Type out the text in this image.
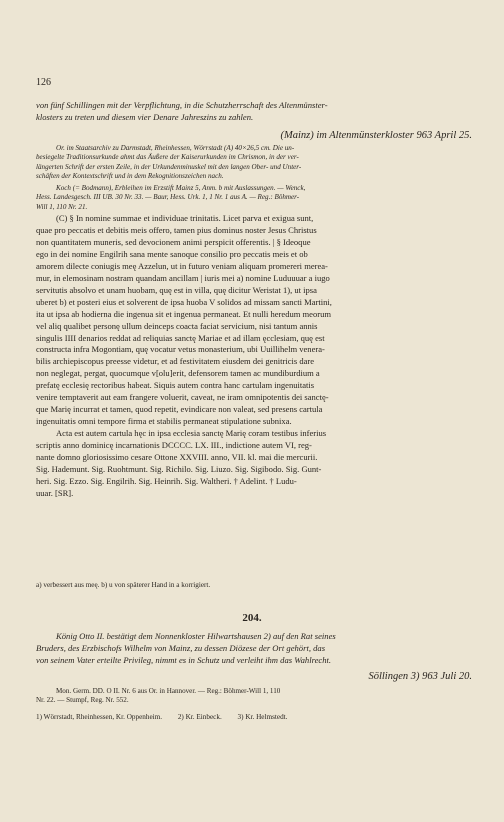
126
von fünf Schillingen mit der Verpflichtung, in die Schutzherrschaft des Altenmünster-
klosters zu treten und diesem vier Denare Jahreszins zu zahlen.
(Mainz) im Altenmünsterkloster 963 April 25.
Or. im Staatsarchiv zu Darmstadt, Rheinhessen, Wörrstadt (A) 40×26,5 cm. Die un-
besiegelte Traditionsurkunde ahmt das Äußere der Kaiserurkunden im Chrismon, in der ver-
längerten Schrift der ersten Zeile, in der Urkundenminuskel mit den langen Ober- und Unter-
schäften der Kontextschrift und in dem Rekognitionszeichen nach.
Koch (= Bodmann), Erbleihen im Erzstift Mainz 5, Anm. b mit Auslassungen. — Wenck,
Hess. Landesgesch. III UB. 30 Nr. 33. — Baur, Hess. Urk. 1, 1 Nr. 1 aus A. — Reg.: Böhmer-
Will 1, 110 Nr. 21.
(C) § In nomine summae et individuae trinitatis. Licet parva et exigua sunt,
quae pro peccatis et debitis meis offero, tamen pius dominus noster Jesus Christus
non quantitatem muneris, sed devocionem animi perspicit offerentis. | § Ideoque
ego in dei nomine Engilrih sana mente sanoque consilio pro peccatis meis et ob
amorem dilecte coniugis meę Azzelun, ut in futuro veniam aliquam promereri merea-
mur, in elemosinam nostram quandam ancillam | iuris mei a) nomine Luduuuar a iugo
servitutis absolvo et unam huobam, quę est in villa, quę dicitur Weristat 1), ut ipsa
uberet b) et posteri eius et solverent de ipsa huoba V solidos ad missam sancti Martini,
ita ut ipsa ab hodierna die ingenua sit et ingenua permaneat. Et nulli heredum meorum
vel aliq qualibet personę ullum deinceps coacta faciat servicium, nisi tantum annis
singulis IIII denarios reddat ad reliquias sanctę Mariae et ad illam ęcclesiam, quę est
constructa infra Mogontiam, quę vocatur vetus monasterium, ubi Uuillihelm venera-
bilis archiepiscopus preesse videtur, et ad festivitatem eiusdem dei genitricis dare
non neglegat, pergat, quocumque v[olu]erit, defensorem tamen ac mundiburdium a
prefatę ecclesię rectoribus habeat. Siquis autem contra hanc cartulam ingenuitatis
venire temptaverit aut eam frangere voluerit, caveat, ne iram omnipotentis dei sanctę-
que Marię incurrat et tamen, quod repetit, evindicare non valeat, sed presens cartula
ingenuitatis omni tempore firma et stabilis permaneat stipulatione subnixa.
Acta est autem cartula hęc in ipsa ecclesia sanctę Marię coram testibus inferius
scriptis anno dominicę incarnationis DCCCC. LX. III., indictione autem VI, reg-
nante domno gloriosissimo cesare Ottone XXVIII. anno, VII. kl. mai die mercurii.
Sig. Hademunt. Sig. Ruohtmunt. Sig. Richilo. Sig. Liuzo. Sig. Sigibodo. Sig. Gunt-
heri. Sig. Ezzo. Sig. Engilrih. Sig. Heinrih. Sig. Waltheri. † Adelint. † Ludu-
uuar. [SR].
a) verbessert aus meę. b) u von späterer Hand in a korrigiert.
204.
König Otto II. bestätigt dem Nonnenkloster Hilwartshausen 2) auf den Rat seines
Bruders, des Erzbischofs Wilhelm von Mainz, zu dessen Diözese der Ort gehört, das
von seinem Vater erteilte Privileg, nimmt es in Schutz und verleiht ihm das Wahlrecht.
Söllingen 3) 963 Juli 20.
Mon. Germ. DD. O II. Nr. 6 aus Or. in Hannover. — Reg.: Böhmer-Will 1, 110
Nr. 22. — Stumpf, Reg. Nr. 552.
1) Wörrstadt, Rheinhessen, Kr. Oppenheim. 2) Kr. Einbeck. 3) Kr. Helmstedt.
